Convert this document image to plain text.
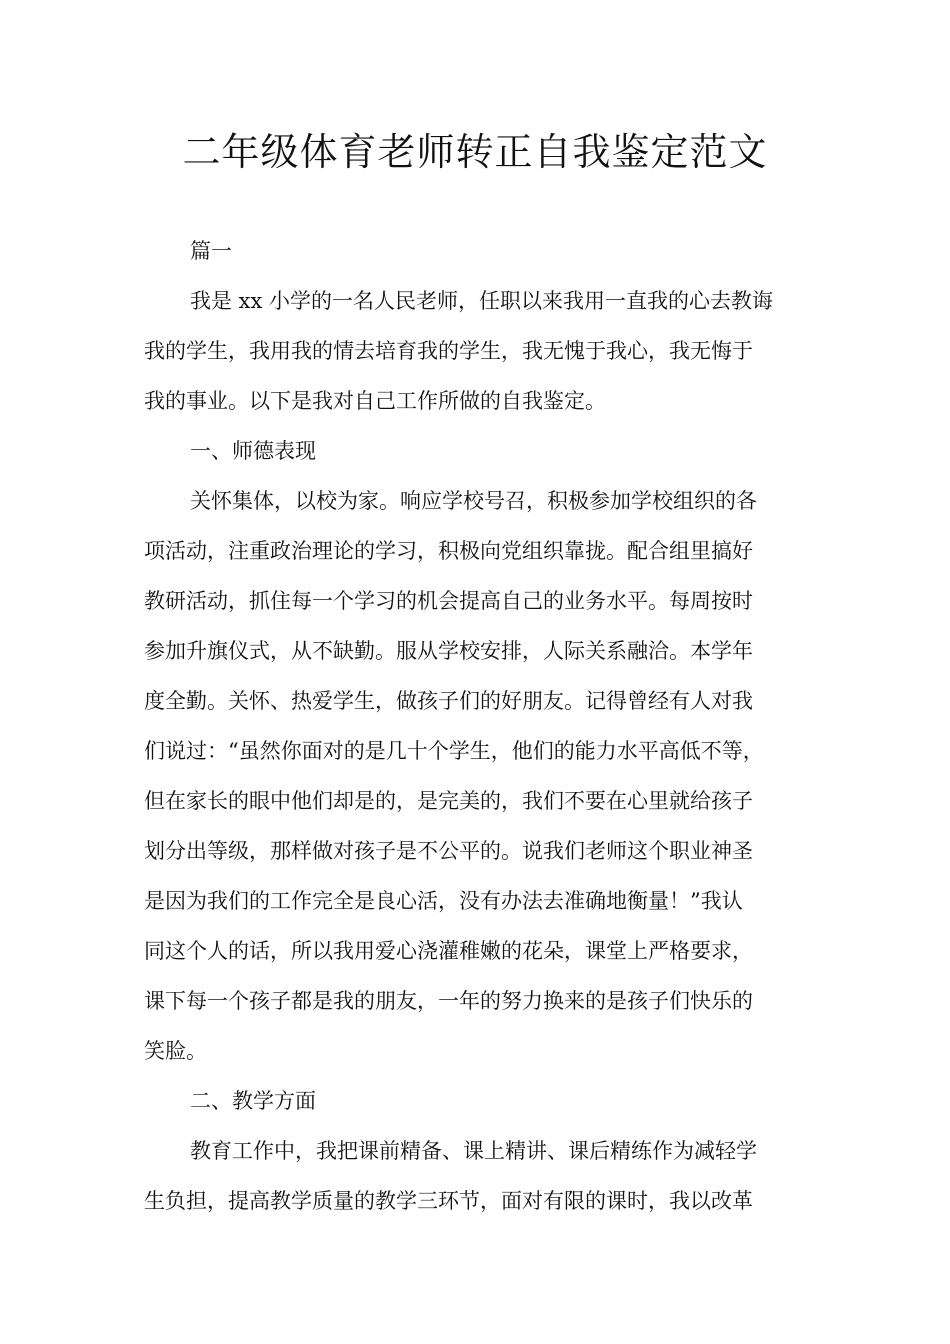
二年级体育老师转正自我鉴定范文

篇一

我是 xx 小学的一名人民老师，任职以来我用一直我的心去教诲

我的学生，我用我的情去培育我的学生，我无愧于我心，我无悔于

我的事业。以下是我对自己工作所做的自我鉴定。

一、师德表现

关怀集体，以校为家。响应学校号召，积极参加学校组织的各

项活动，注重政治理论的学习，积极向党组织靠拢。配合组里搞好

教研活动，抓住每一个学习的机会提高自己的业务水平。每周按时

参加升旗仪式，从不缺勤。服从学校安排，人际关系融洽。本学年

度全勤。关怀、热爱学生，做孩子们的好朋友。记得曾经有人对我

们说过：“虽然你面对的是几十个学生，他们的能力水平高低不等，

但在家长的眼中他们却是的，是完美的，我们不要在心里就给孩子

划分出等级，那样做对孩子是不公平的。说我们老师这个职业神圣

是因为我们的工作完全是良心活，没有办法去准确地衡量！”我认

同这个人的话，所以我用爱心浇灌稚嫩的花朵，课堂上严格要求，

课下每一个孩子都是我的朋友，一年的努力换来的是孩子们快乐的

笑脸。

二、教学方面

教育工作中，我把课前精备、课上精讲、课后精练作为减轻学

生负担，提高教学质量的教学三环节，面对有限的课时，我以改革
